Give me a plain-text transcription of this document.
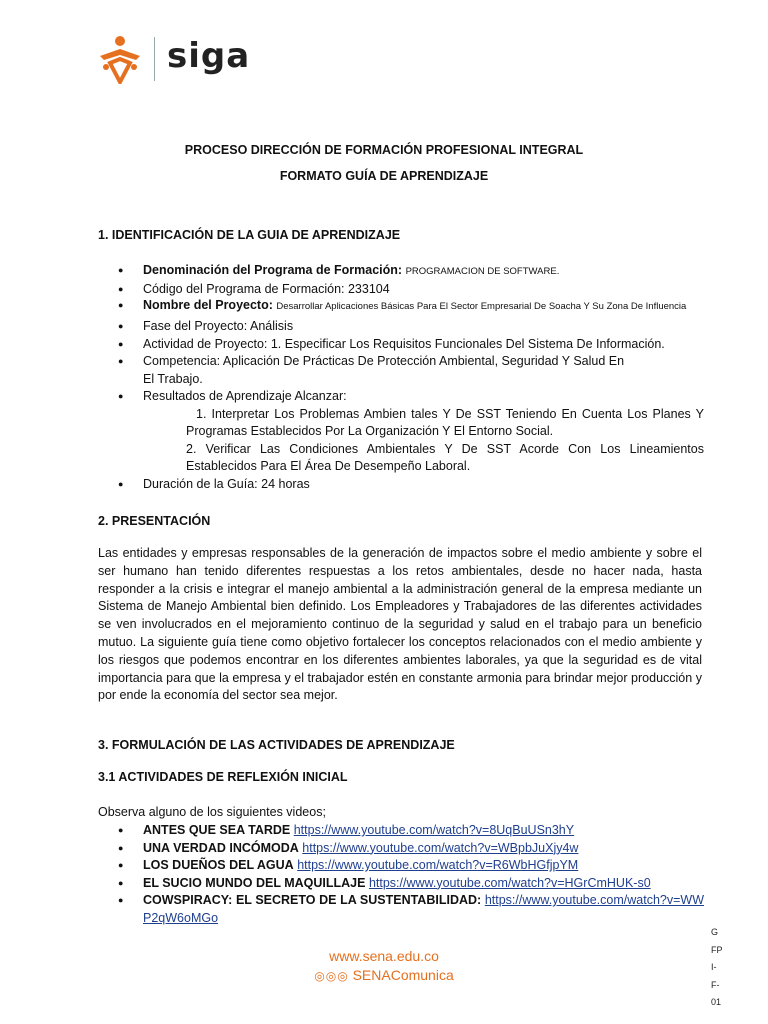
siga
PROCESO DIRECCIÓN DE FORMACIÓN PROFESIONAL INTEGRAL
FORMATO GUÍA DE APRENDIZAJE
1. IDENTIFICACIÓN DE LA GUIA DE APRENDIZAJE
● Denominación del Programa de Formación: PROGRAMACION DE SOFTWARE.
● Código del Programa de Formación: 233104
● Nombre del Proyecto: Desarrollar Aplicaciones Básicas Para El Sector Empresarial De Soacha Y Su Zona De Influencia
● Fase del Proyecto: Análisis
● Actividad de Proyecto: 1. Especificar Los Requisitos Funcionales Del Sistema De Información.
● Competencia: Aplicación De Prácticas De Protección Ambiental, Seguridad Y Salud En El Trabajo.
● Resultados de Aprendizaje Alcanzar:
1. Interpretar Los Problemas Ambien tales Y De SST Teniendo En Cuenta Los Planes Y Programas Establecidos Por La Organización Y El Entorno Social.
2. Verificar Las Condiciones Ambientales Y De SST Acorde Con Los Lineamientos Establecidos Para El Área De Desempeño Laboral.
● Duración de la Guía: 24 horas
2. PRESENTACIÓN

Las entidades y empresas responsables de la generación de impactos sobre el medio ambiente y sobre el ser humano han tenido diferentes respuestas a los retos ambientales, desde no hacer nada, hasta responder a la crisis e integrar el manejo ambiental a la administración general de la empresa mediante un Sistema de Manejo Ambiental bien definido. Los Empleadores y Trabajadores de las diferentes actividades se ven involucrados en el mejoramiento continuo de la seguridad y salud en el trabajo para un beneficio mutuo. La siguiente guía tiene como objetivo fortalecer los conceptos relacionados con el medio ambiente y los riesgos que podemos encontrar en los diferentes ambientes laborales, ya que la seguridad es de vital importancia para que la empresa y el trabajador estén en constante armonia para brindar mejor producción y por ende la economía del sector sea mejor.

3. FORMULACIÓN DE LAS ACTIVIDADES DE APRENDIZAJE
3.1 ACTIVIDADES DE REFLEXIÓN INICIAL
Observa alguno de los siguientes videos;
● ANTES QUE SEA TARDE https://www.youtube.com/watch?v=8UqBuUSn3hY
● UNA VERDAD INCÓMODA https://www.youtube.com/watch?v=WBpbJuXjy4w
● LOS DUEÑOS DEL AGUA https://www.youtube.com/watch?v=R6WbHGfjpYM
● EL SUCIO MUNDO DEL MAQUILLAJE https://www.youtube.com/watch?v=HGrCmHUK-s0
● COWSPIRACY: EL SECRETO DE LA SUSTENTABILIDAD: https://www.youtube.com/watch?v=WWP2qW6oMGo
G
FP
I-
F-
01
www.sena.edu.co
◎◎◎ SENAComunica
